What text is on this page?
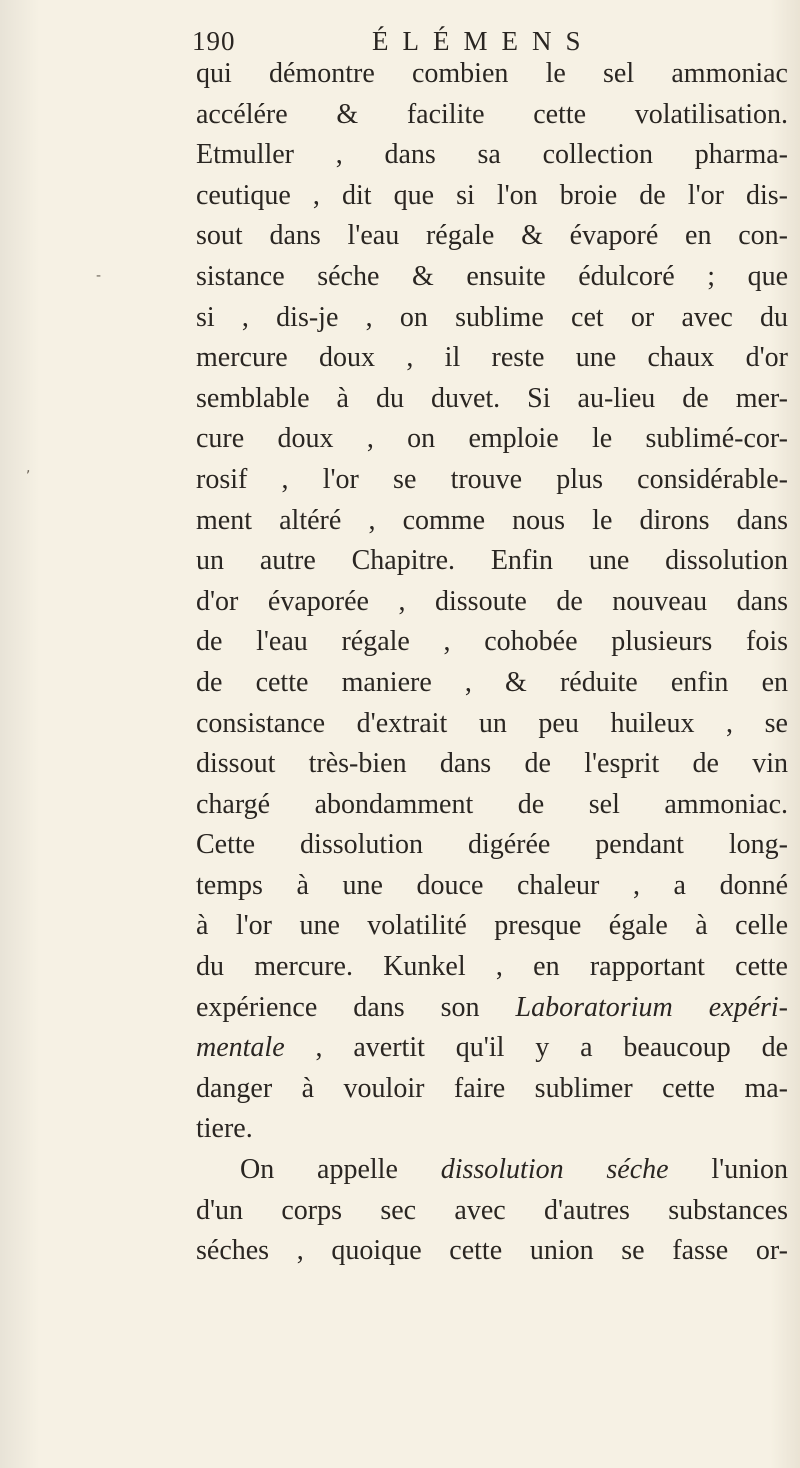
190	ÉLÉMENS
qui démontre combien le sel ammoniac
accélére & facilite cette volatilisation.
Etmuller , dans sa collection pharma-
ceutique , dit que si l'on broie de l'or dis-
sout dans l'eau régale & évaporé en con-
sistance séche & ensuite édulcoré ; que
si , dis-je , on sublime cet or avec du
mercure doux , il reste une chaux d'or
semblable à du duvet. Si au-lieu de mer-
cure doux , on emploie le sublimé-cor-
rosif , l'or se trouve plus considérable-
ment altéré , comme nous le dirons dans
un autre Chapitre. Enfin une dissolution
d'or évaporée , dissoute de nouveau dans
de l'eau régale , cohobée plusieurs fois
de cette maniere , & réduite enfin en
consistance d'extrait un peu huileux , se
dissout très-bien dans de l'esprit de vin
chargé abondamment de sel ammoniac.
Cette dissolution digérée pendant long-
temps à une douce chaleur , a donné
à l'or une volatilité presque égale à celle
du mercure. Kunkel , en rapportant cette
expérience dans son Laboratorium expéri-
mentale , avertit qu'il y a beaucoup de
danger à vouloir faire sublimer cette ma-
tiere.
On appelle dissolution séche l'union
d'un corps sec avec d'autres substances
séches , quoique cette union se fasse or-
-
,
